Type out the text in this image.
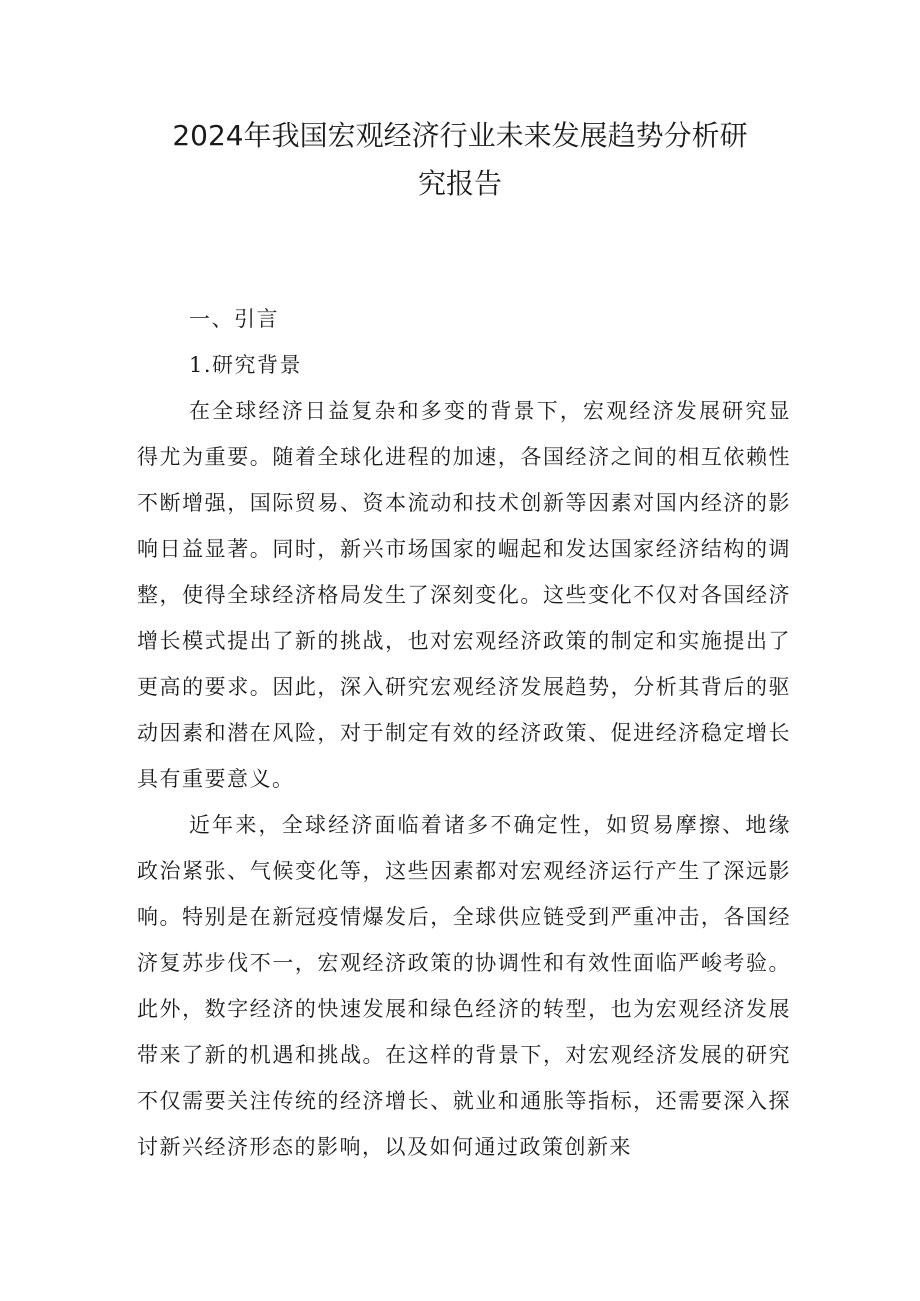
2024年我国宏观经济行业未来发展趋势分析研
究报告

一、引言

1.研究背景

在全球经济日益复杂和多变的背景下，宏观经济发展研究显得尤为重要。随着全球化进程的加速，各国经济之间的相互依赖性不断增强，国际贸易、资本流动和技术创新等因素对国内经济的影响日益显著。同时，新兴市场国家的崛起和发达国家经济结构的调整，使得全球经济格局发生了深刻变化。这些变化不仅对各国经济增长模式提出了新的挑战，也对宏观经济政策的制定和实施提出了更高的要求。因此，深入研究宏观经济发展趋势，分析其背后的驱动因素和潜在风险，对于制定有效的经济政策、促进经济稳定增长具有重要意义。

近年来，全球经济面临着诸多不确定性，如贸易摩擦、地缘政治紧张、气候变化等，这些因素都对宏观经济运行产生了深远影响。特别是在新冠疫情爆发后，全球供应链受到严重冲击，各国经济复苏步伐不一，宏观经济政策的协调性和有效性面临严峻考验。此外，数字经济的快速发展和绿色经济的转型，也为宏观经济发展带来了新的机遇和挑战。在这样的背景下，对宏观经济发展的研究不仅需要关注传统的经济增长、就业和通胀等指标，还需要深入探讨新兴经济形态的影响，以及如何通过政策创新来
